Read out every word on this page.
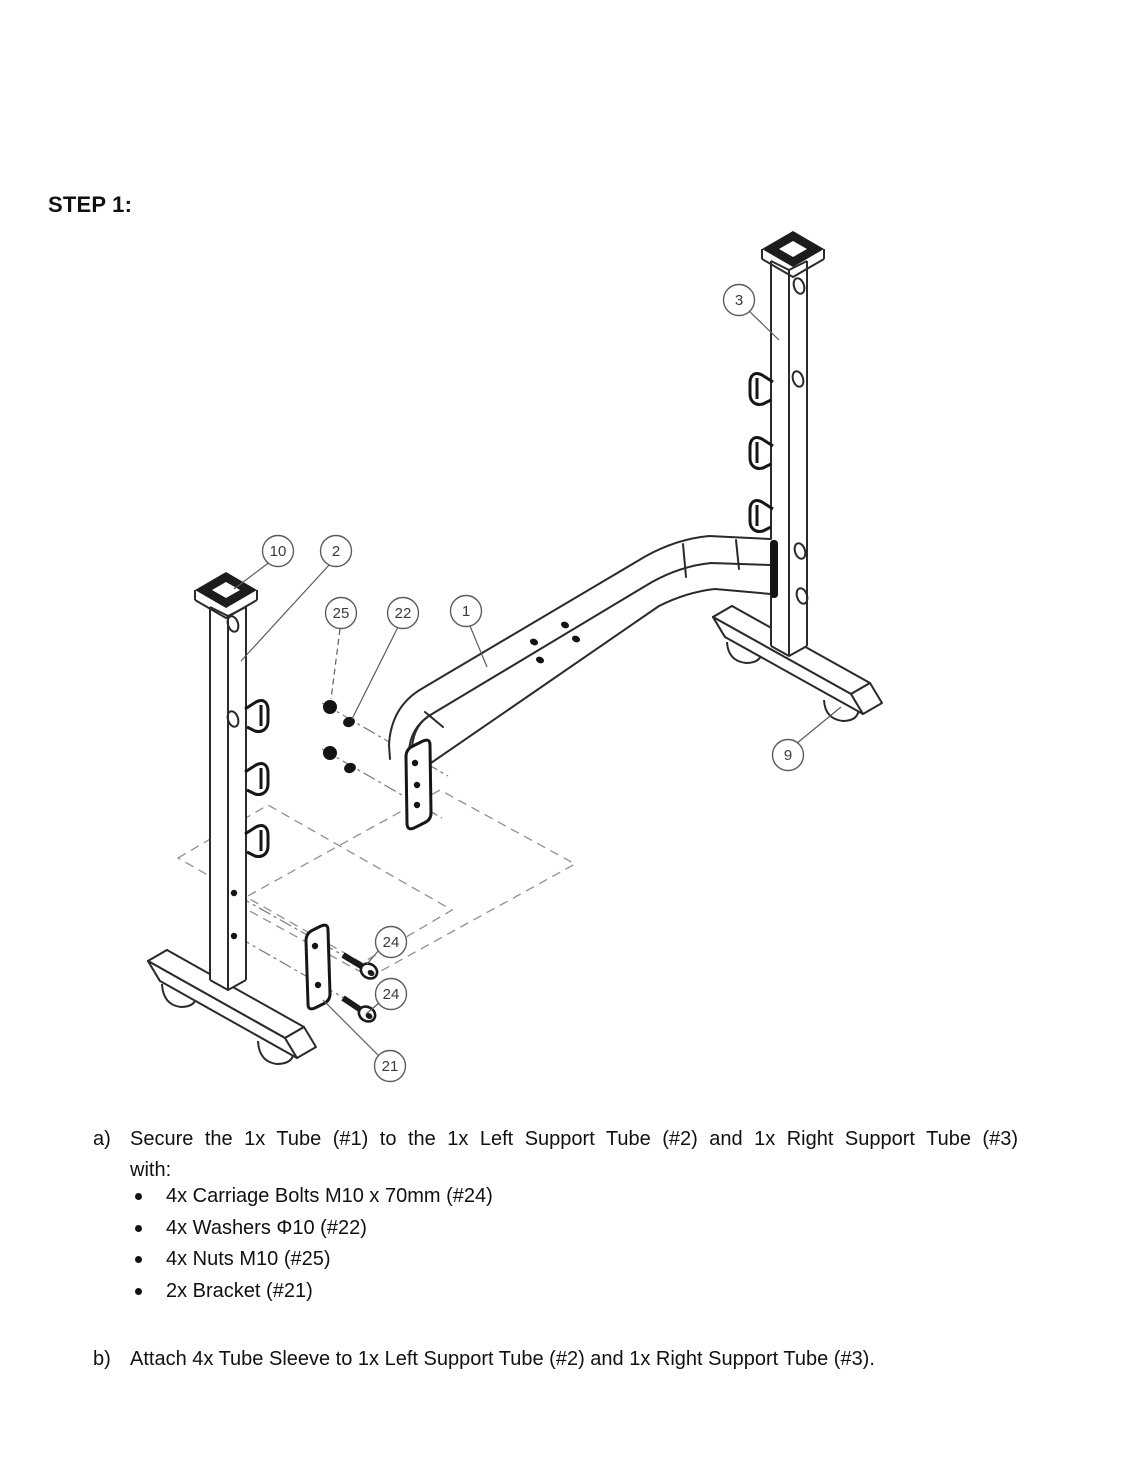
STEP 1:
3
10	2
25	22	1
9
24
24
21
a) Secure the 1x Tube (#1) to the 1x Left Support Tube (#2) and 1x Right Support Tube (#3)
with:
4x Carriage Bolts M10 x 70mm (#24)
4x Washers Φ10 (#22)
4x Nuts M10 (#25)
2x Bracket (#21)
b) Attach 4x Tube Sleeve to 1x Left Support Tube (#2) and 1x Right Support Tube (#3).
